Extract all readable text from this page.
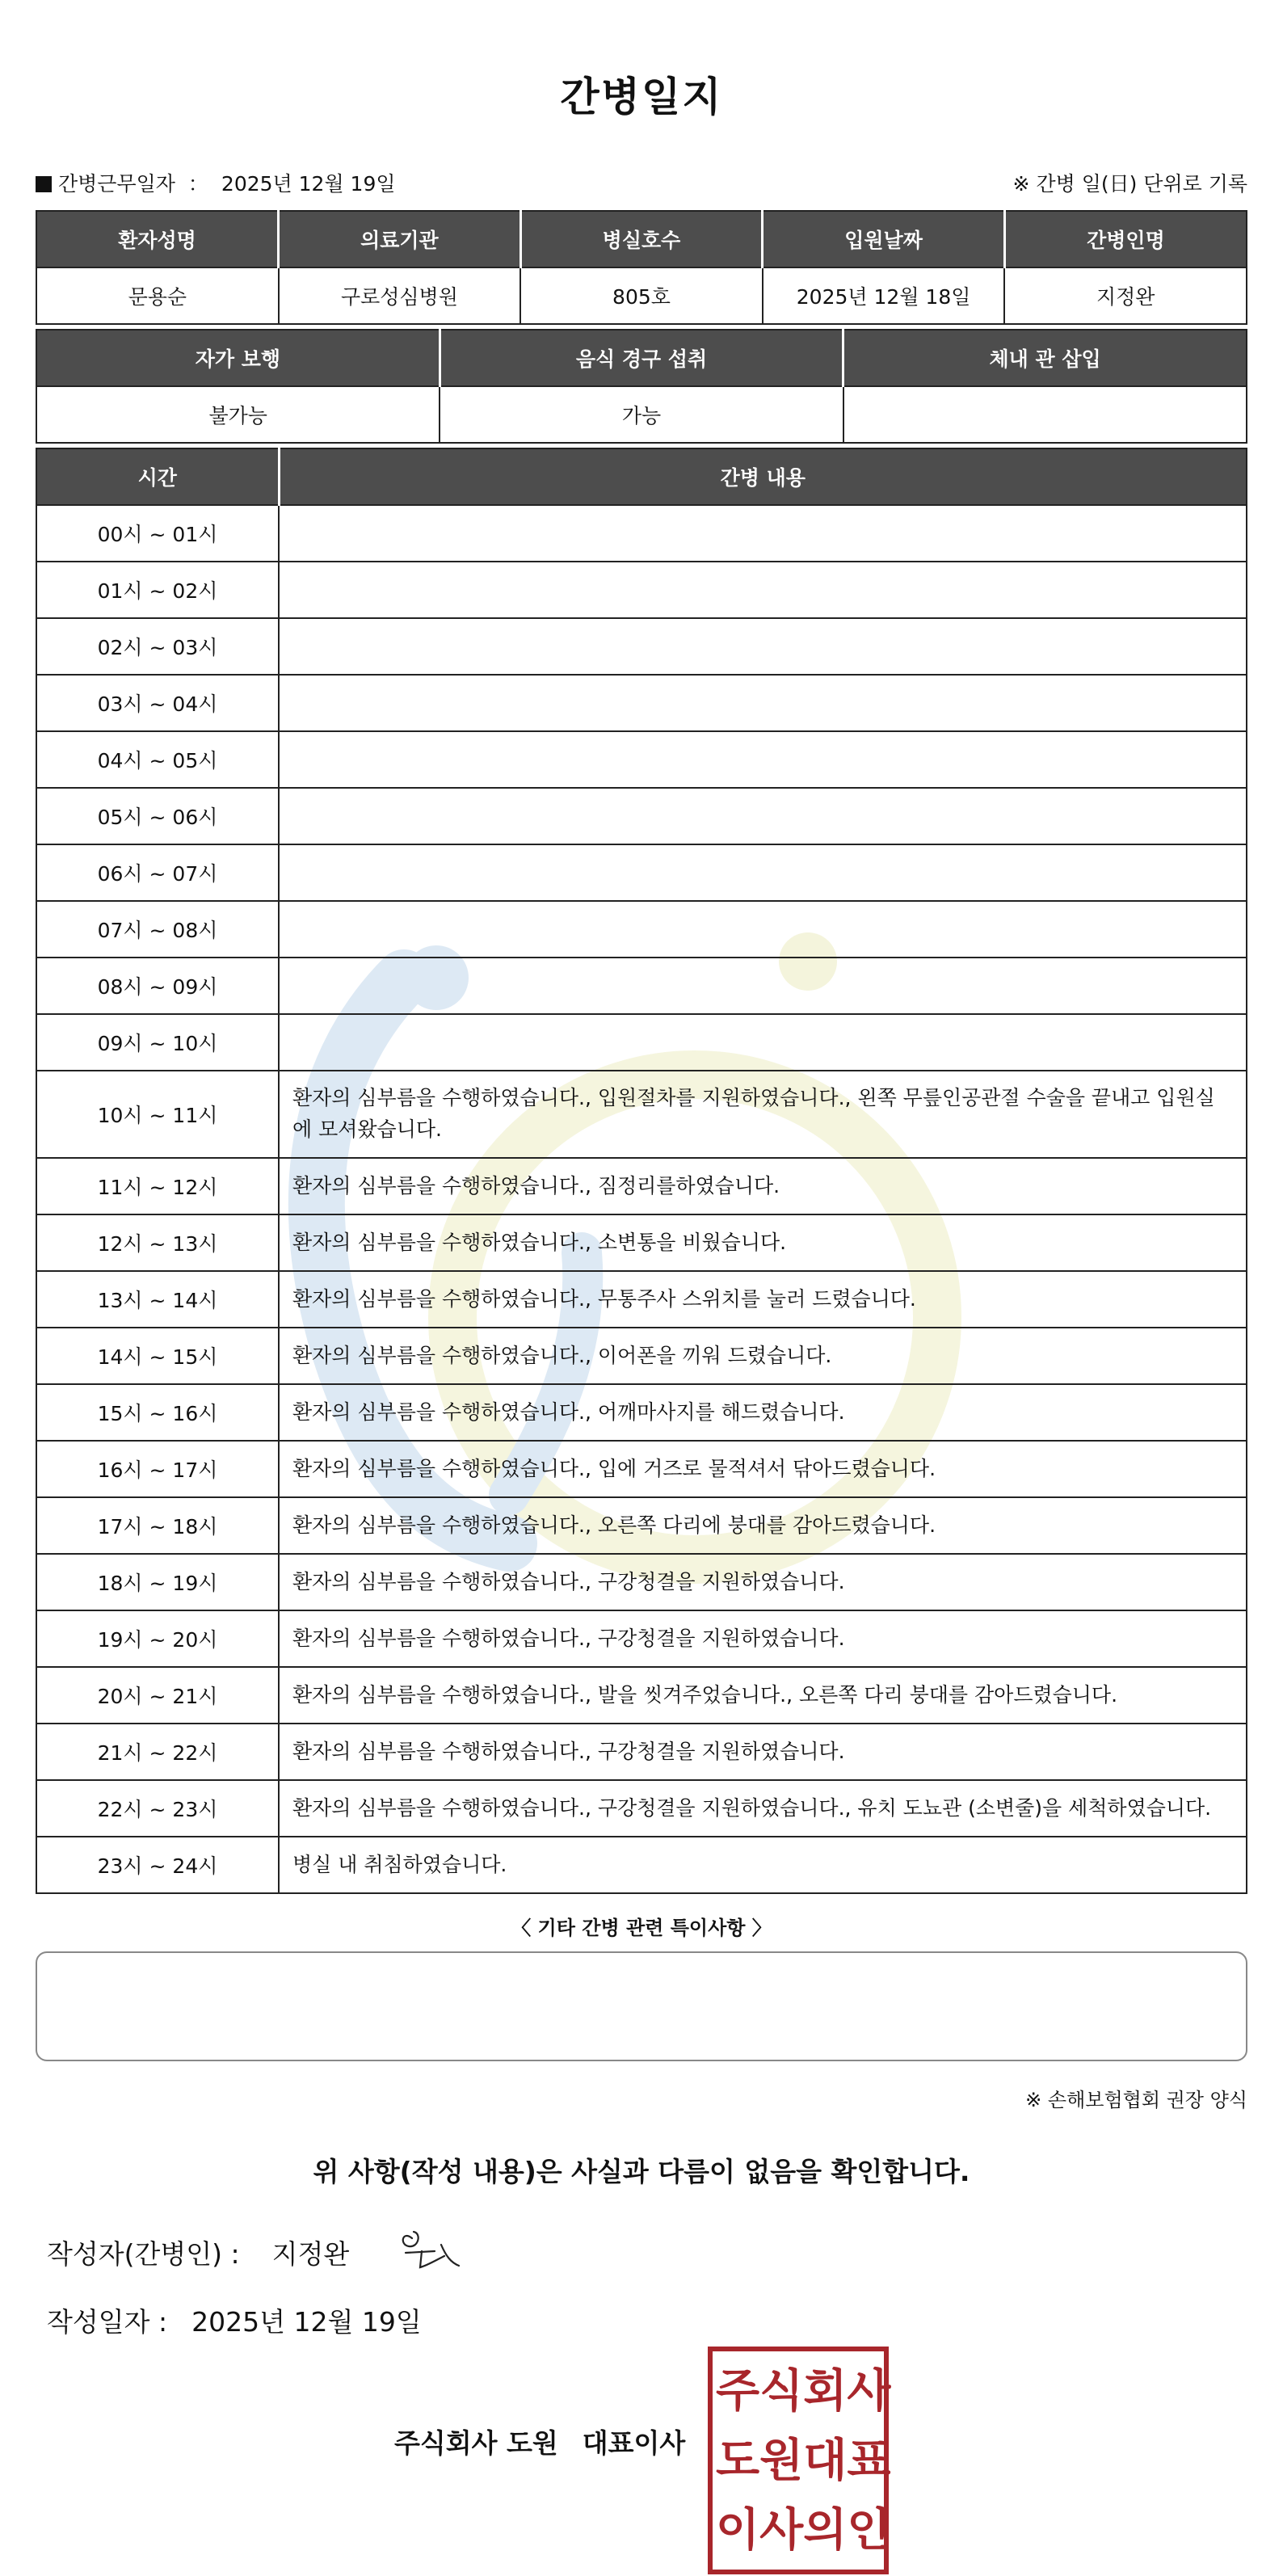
간병일지
간병근무일자 ： 2025년 12월 19일	※ 간병 일(日) 단위로 기록
환자성명	의료기관	병실호수	입원날짜	간병인명
문용순	구로성심병원	805호	2025년 12월 18일	지정완
자가 보행	음식 경구 섭취	체내 관 삽입
불가능	가능	
시간	간병 내용
00시 ~ 01시	
01시 ~ 02시	
02시 ~ 03시	
03시 ~ 04시	
04시 ~ 05시	
05시 ~ 06시	
06시 ~ 07시	
07시 ~ 08시	
08시 ~ 09시	
09시 ~ 10시	
10시 ~ 11시	환자의 심부름을 수행하였습니다., 입원절차를 지원하였습니다., 왼쪽 무릎인공관절 수술을 끝내고 입원실에 모셔왔습니다.
11시 ~ 12시	환자의 심부름을 수행하였습니다., 짐정리를하였습니다.
12시 ~ 13시	환자의 심부름을 수행하였습니다., 소변통을 비웠습니다.
13시 ~ 14시	환자의 심부름을 수행하였습니다., 무통주사 스위치를 눌러 드렸습니다.
14시 ~ 15시	환자의 심부름을 수행하였습니다., 이어폰을 끼워 드렸습니다.
15시 ~ 16시	환자의 심부름을 수행하였습니다., 어깨마사지를 해드렸습니다.
16시 ~ 17시	환자의 심부름을 수행하였습니다., 입에 거즈로 물적셔서 닦아드렸습니다.
17시 ~ 18시	환자의 심부름을 수행하였습니다., 오른쪽 다리에 붕대를 감아드렸습니다.
18시 ~ 19시	환자의 심부름을 수행하였습니다., 구강청결을 지원하였습니다.
19시 ~ 20시	환자의 심부름을 수행하였습니다., 구강청결을 지원하였습니다.
20시 ~ 21시	환자의 심부름을 수행하였습니다., 발을 씻겨주었습니다., 오른쪽 다리 붕대를 감아드렸습니다.
21시 ~ 22시	환자의 심부름을 수행하였습니다., 구강청결을 지원하였습니다.
22시 ~ 23시	환자의 심부름을 수행하였습니다., 구강청결을 지원하였습니다., 유치 도뇨관 (소변줄)을 세척하였습니다.
23시 ~ 24시	병실 내 취침하였습니다.
〈 기타 간병 관련 특이사항 〉
※ 손해보험협회 권장 양식
위 사항(작성 내용)은 사실과 다름이 없음을 확인합니다.
작성자(간병인) : 지정완
작성일자 : 2025년 12월 19일
주식회사 도원 대표이사
주 식 회 사
도 원 대 표
이 사 의 인
